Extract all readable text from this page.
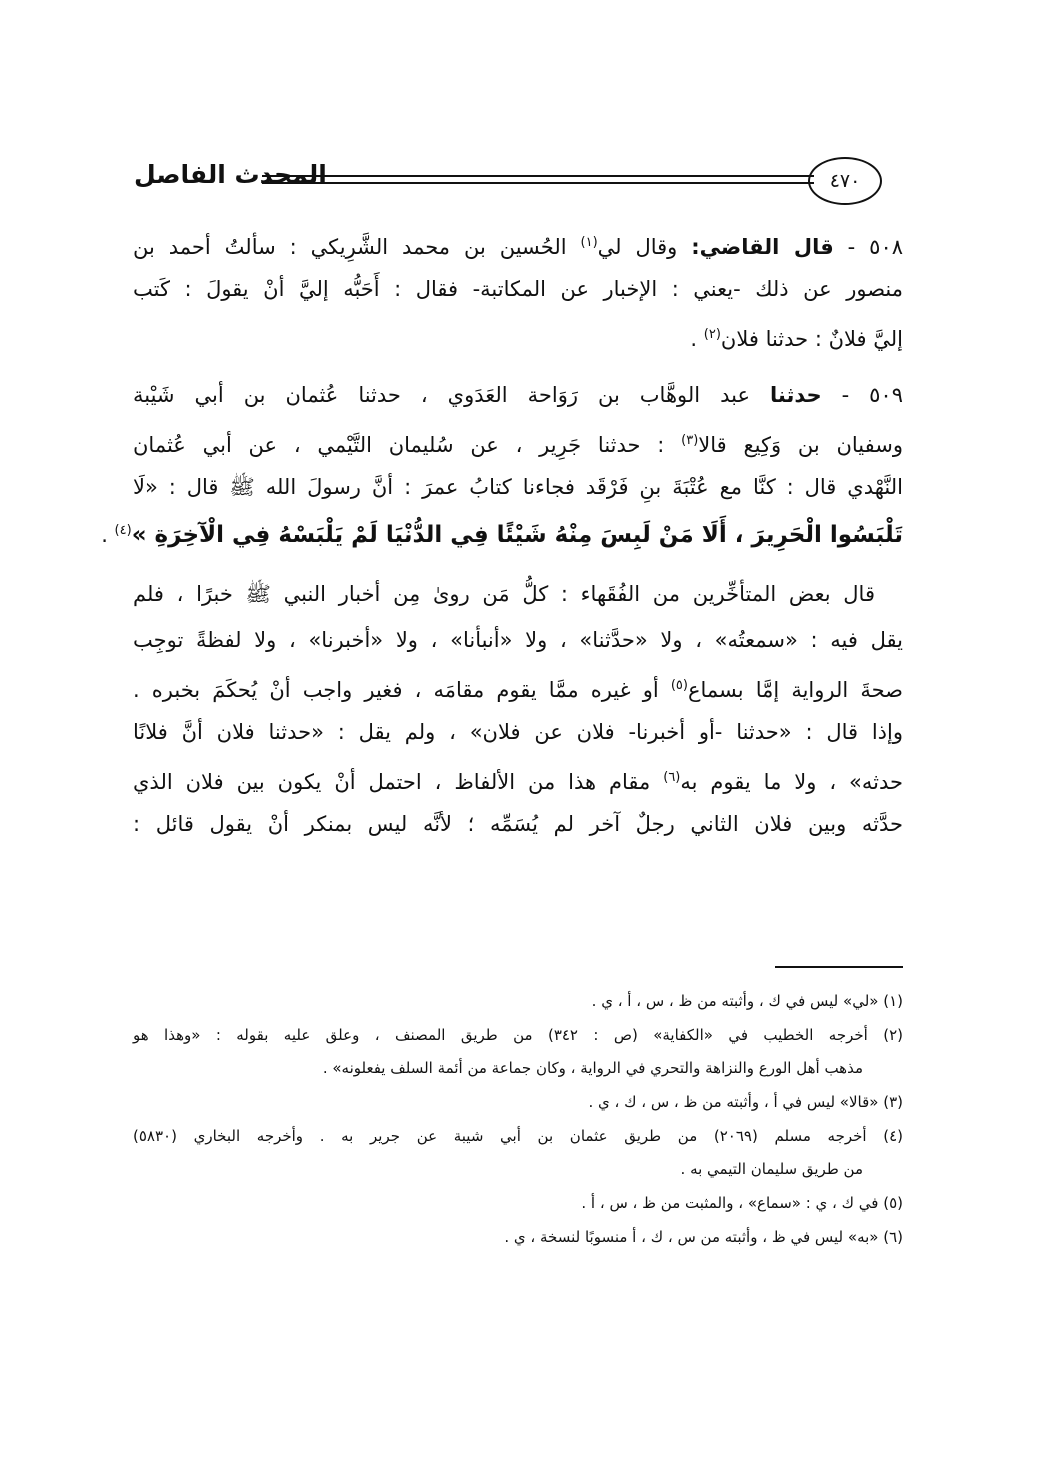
٤٧٠
المحدث الفاصل
٥٠٨ - قال القاضي: وقال لي$^{(١)}$ الحُسين بن محمد الشَّرِيكي : سألتُ أحمد بن
منصور عن ذلك -يعني : الإخبار عن المكاتبة- فقال : أَحَبُّه إليَّ أنْ يقولَ : كَتب
إليَّ فلانٌ : حدثنا فلان$^{(٢)}$ .
٥٠٩ - حدثنا عبد الوهَّاب بن رَوَاحة العَدَوي ، حدثنا عُثمان بن أبي شَيْبة
وسفيان بن وَكِيع قالا$^{(٣)}$ : حدثنا جَرِير ، عن سُليمان التَّيْمي ، عن أبي عُثمان
النَّهْدي قال : كنَّا مع عُتْبَةَ بنِ فَرْقَد فجاءنا كتابُ عمرَ : أنَّ رسولَ الله ﷺ قال : «لَا
تَلْبَسُوا الْحَرِيرَ ، أَلَا مَنْ لَبِسَ مِنْهُ شَيْئًا فِي الدُّنْيَا لَمْ يَلْبَسْهُ فِي الْآخِرَةِ »$^{(٤)}$ .
قال بعض المتأخِّرين من الفُقَهاء : كلُّ مَن روىٰ مِن أخبار النبي ﷺ خبرًا ، فلم
يقل فيه : «سمعتُه» ، ولا «حدَّثنا» ، ولا «أنبأنا» ، ولا «أخبرنا» ، ولا لفظةً توجِب
صحةَ الرواية إمَّا بسماع$^{(٥)}$ أو غيره ممَّا يقوم مقامَه ، فغير واجب أنْ يُحكَمَ بخبره .
وإذا قال : «حدثنا -أو أخبرنا- فلان عن فلان» ، ولم يقل : «حدثنا فلان أنَّ فلانًا
حدثه» ، ولا ما يقوم به$^{(٦)}$ مقام هذا من الألفاظ ، احتمل أنْ يكون بين فلان الذي
حدَّثه وبين فلان الثاني رجلٌ آخر لم يُسَمِّه ؛ لأنَّه ليس بمنكر أنْ يقول قائل :
(١) «لي» ليس في ك ، وأثبته من ظ ، س ، أ ، ي .
(٢) أخرجه الخطيب في «الكفاية» (ص : ٣٤٢) من طريق المصنف ، وعلق عليه بقوله : «وهذا هو
مذهب أهل الورع والنزاهة والتحري في الرواية ، وكان جماعة من أئمة السلف يفعلونه» .
(٣) «قالا» ليس في أ ، وأثبته من ظ ، س ، ك ، ي .
(٤) أخرجه مسلم (٢٠٦٩) من طريق عثمان بن أبي شيبة عن جرير به . وأخرجه البخاري (٥٨٣٠)
من طريق سليمان التيمي به .
(٥) في ك ، ي : «سماع» ، والمثبت من ظ ، س ، أ .
(٦) «به» ليس في ظ ، وأثبته من س ، ك ، أ منسوبًا لنسخة ، ي .
